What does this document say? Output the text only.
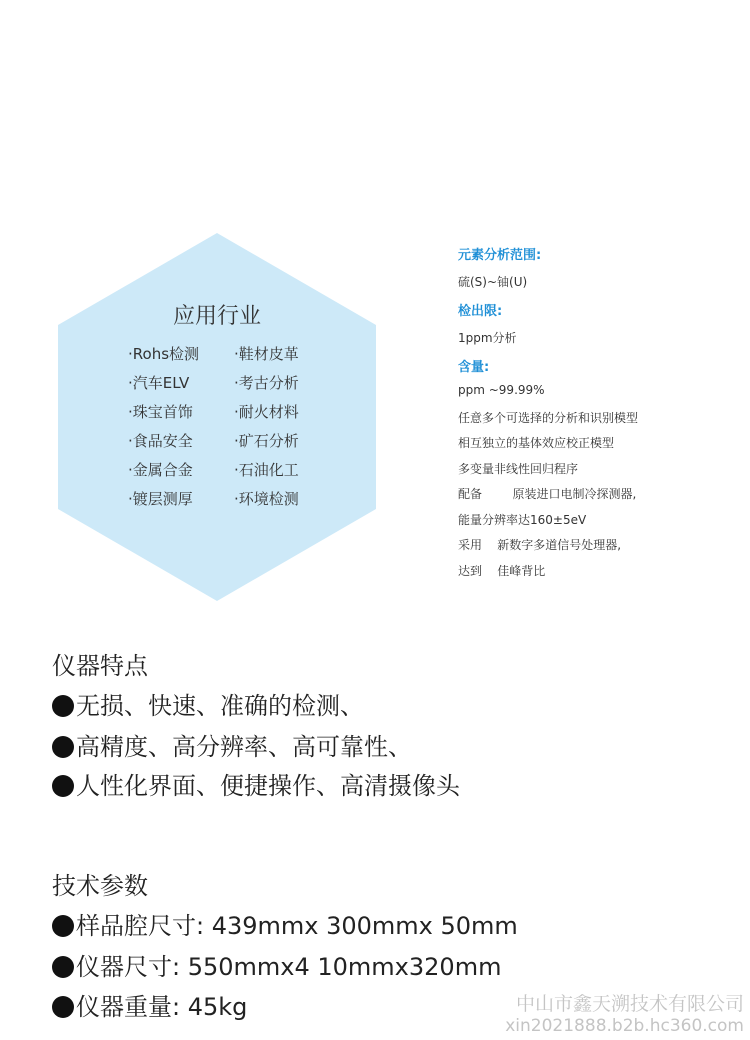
应用行业
·Rohs检测
·汽车ELV
·珠宝首饰
·食品安全
·金属合金
·镀层测厚
·鞋材皮革
·考古分析
·耐火材料
·矿石分析
·石油化工
·环境检测
元素分析范围:
硫(S)~铀(U)
检出限:
1ppm分析
含量:
ppm ~99.99%
任意多个可选择的分析和识别模型
相互独立的基体效应校正模型
多变量非线性回归程序
配备        原装进口电制冷探测器,
能量分辨率达160±5eV
采用    新数字多道信号处理器,
达到    佳峰背比
仪器特点
无损、快速、准确的检测、
高精度、高分辨率、高可靠性、
人性化界面、便捷操作、高清摄像头
技术参数
样品腔尺寸: 439mmx 300mmx 50mm
仪器尺寸: 550mmx4 10mmx320mm
仪器重量: 45kg	中山市鑫天溯技术有限公司
xin2021888.b2b.hc360.com
